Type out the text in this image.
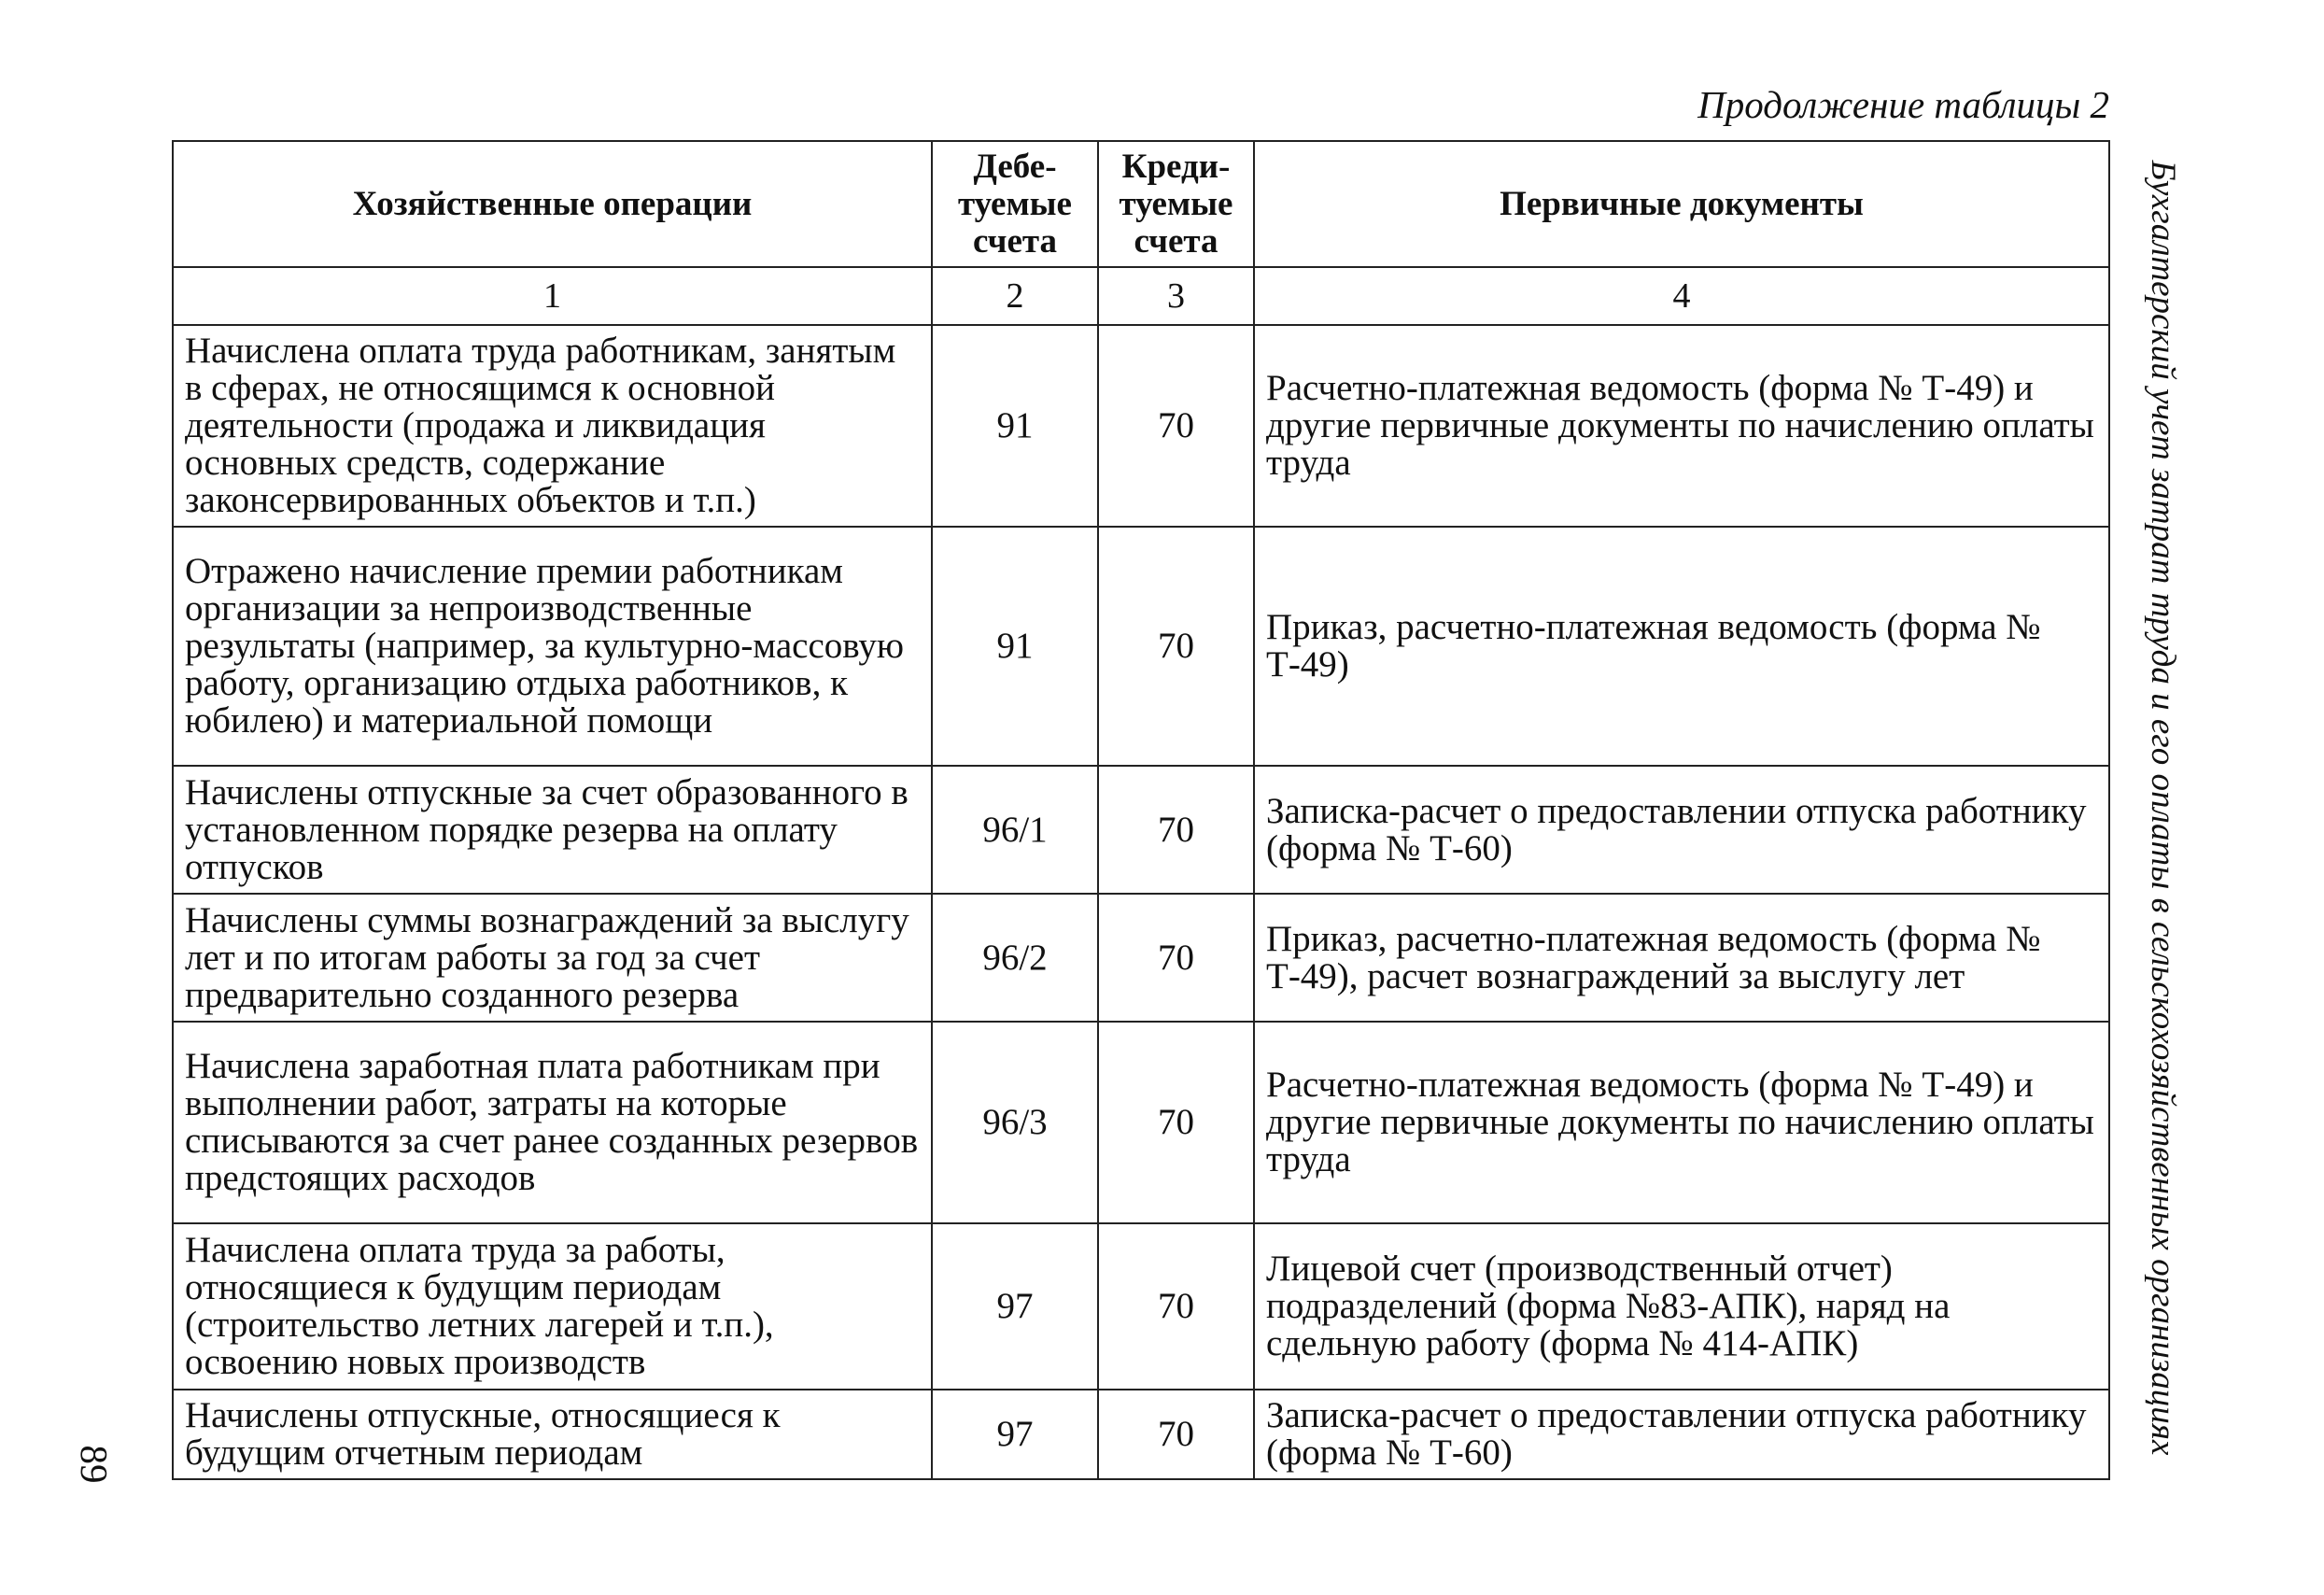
Продолжение таблицы 2
Бухгалтерский учет затрат труда и его оплаты в сельскохозяйственных организациях
89
Хозяйственные операции	Дебе-туемые счета	Креди-туемые счета	Первичные документы
1	2	3	4
Начислена оплата труда работникам, занятым в сферах, не относящимся к основной деятельности (продажа и ликвидация основных средств, содержание законсервированных объектов и т.п.)	91	70	Расчетно-платежная ведомость (форма № Т-49) и другие первичные документы по начислению оплаты труда
Отражено начисление премии работникам организации за непроизводственные результаты (например, за культурно-массовую работу, организацию отдыха работников, к юбилею) и материальной помощи	91	70	Приказ, расчетно-платежная ведомость (форма № Т-49)
Начислены отпускные за счет образованного в установленном порядке резерва на оплату отпусков	96/1	70	Записка-расчет о предоставлении отпуска работнику (форма № Т-60)
Начислены суммы вознаграждений за выслугу лет и по итогам работы за год за счет предварительно созданного резерва	96/2	70	Приказ, расчетно-платежная ведомость (форма № Т-49), расчет вознаграждений за выслугу лет
Начислена заработная плата работникам при выполнении работ, затраты на которые списываются за счет ранее созданных резервов предстоящих расходов	96/3	70	Расчетно-платежная ведомость (форма № Т-49) и другие первичные документы по начислению оплаты труда
Начислена оплата труда за работы, относящиеся к будущим периодам (строительство летних лагерей и т.п.), освоению новых производств	97	70	Лицевой счет (производственный отчет) подразделений (форма №83-АПК), наряд на сдельную работу (форма № 414-АПК)
Начислены отпускные, относящиеся к будущим отчетным периодам	97	70	Записка-расчет о предоставлении отпуска работнику (форма № Т-60)
